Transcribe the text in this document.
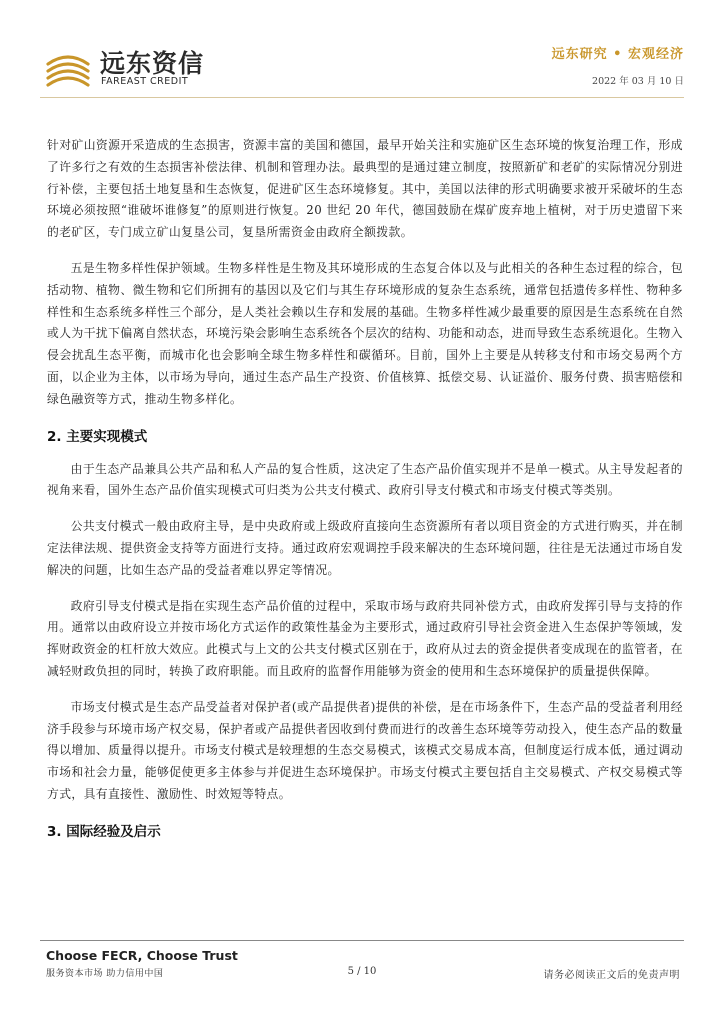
远东资信
FAREAST CREDIT
远东研究 • 宏观经济
2022 年 03 月 10 日

针对矿山资源开采造成的生态损害，资源丰富的美国和德国，最早开始关注和实施矿区生态环境的恢复治理工作，形成了许多行之有效的生态损害补偿法律、机制和管理办法。最典型的是通过建立制度，按照新矿和老矿的实际情况分别进行补偿，主要包括土地复垦和生态恢复，促进矿区生态环境修复。其中，美国以法律的形式明确要求被开采破坏的生态环境必须按照“谁破坏谁修复”的原则进行恢复。20 世纪 20 年代，德国鼓励在煤矿废弃地上植树，对于历史遗留下来的老矿区，专门成立矿山复垦公司，复垦所需资金由政府全额拨款。

五是生物多样性保护领域。生物多样性是生物及其环境形成的生态复合体以及与此相关的各种生态过程的综合，包括动物、植物、微生物和它们所拥有的基因以及它们与其生存环境形成的复杂生态系统，通常包括遗传多样性、物种多样性和生态系统多样性三个部分，是人类社会赖以生存和发展的基础。生物多样性减少最重要的原因是生态系统在自然或人为干扰下偏离自然状态，环境污染会影响生态系统各个层次的结构、功能和动态，进而导致生态系统退化。生物入侵会扰乱生态平衡，而城市化也会影响全球生物多样性和碳循环。目前，国外上主要是从转移支付和市场交易两个方面，以企业为主体，以市场为导向，通过生态产品生产投资、价值核算、抵偿交易、认证溢价、服务付费、损害赔偿和绿色融资等方式，推动生物多样化。

2. 主要实现模式

由于生态产品兼具公共产品和私人产品的复合性质，这决定了生态产品价值实现并不是单一模式。从主导发起者的视角来看，国外生态产品价值实现模式可归类为公共支付模式、政府引导支付模式和市场支付模式等类别。

公共支付模式一般由政府主导，是中央政府或上级政府直接向生态资源所有者以项目资金的方式进行购买，并在制定法律法规、提供资金支持等方面进行支持。通过政府宏观调控手段来解决的生态环境问题，往往是无法通过市场自发解决的问题，比如生态产品的受益者难以界定等情况。

政府引导支付模式是指在实现生态产品价值的过程中，采取市场与政府共同补偿方式，由政府发挥引导与支持的作用。通常以由政府设立并按市场化方式运作的政策性基金为主要形式，通过政府引导社会资金进入生态保护等领域，发挥财政资金的杠杆放大效应。此模式与上文的公共支付模式区别在于，政府从过去的资金提供者变成现在的监管者，在减轻财政负担的同时，转换了政府职能。而且政府的监督作用能够为资金的使用和生态环境保护的质量提供保障。

市场支付模式是生态产品受益者对保护者(或产品提供者)提供的补偿，是在市场条件下，生态产品的受益者利用经济手段参与环境市场产权交易，保护者或产品提供者因收到付费而进行的改善生态环境等劳动投入，使生态产品的数量得以增加、质量得以提升。市场支付模式是较理想的生态交易模式，该模式交易成本高，但制度运行成本低，通过调动市场和社会力量，能够促使更多主体参与并促进生态环境保护。市场支付模式主要包括自主交易模式、产权交易模式等方式，具有直接性、激励性、时效短等特点。

3. 国际经验及启示
Choose FECR, Choose Trust
服务资本市场 助力信用中国	5 / 10	请务必阅读正文后的免责声明
